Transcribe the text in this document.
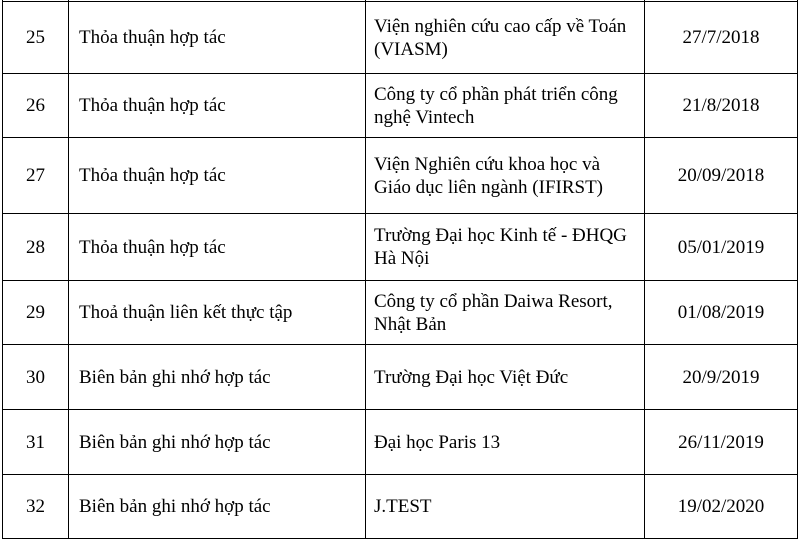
25	Thỏa thuận hợp tác	Viện nghiên cứu cao cấp về Toán (VIASM)	27/7/2018
26	Thỏa thuận hợp tác	Công ty cổ phần phát triển công nghệ Vintech	21/8/2018
27	Thỏa thuận hợp tác	Viện Nghiên cứu khoa học và Giáo dục liên ngành (IFIRST)	20/09/2018
28	Thỏa thuận hợp tác	Trường Đại học Kinh tế - ĐHQG Hà Nội	05/01/2019
29	Thoả thuận liên kết thực tập	Công ty cổ phần Daiwa Resort, Nhật Bản	01/08/2019
30	Biên bản ghi nhớ hợp tác	Trường Đại học Việt Đức	20/9/2019
31	Biên bản ghi nhớ hợp tác	Đại học Paris 13	26/11/2019
32	Biên bản ghi nhớ hợp tác	J.TEST	19/02/2020
